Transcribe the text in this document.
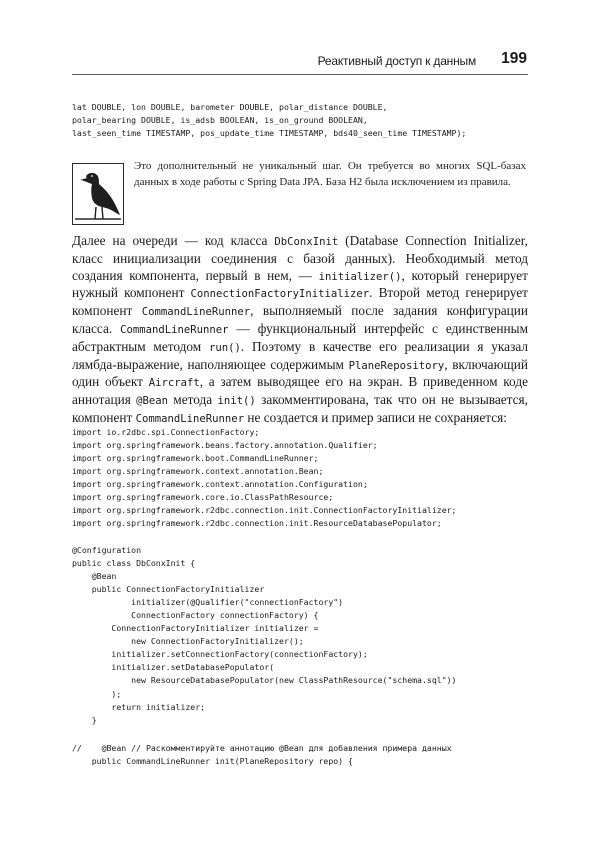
Реактивный доступ к данным 199
lat DOUBLE, lon DOUBLE, barometer DOUBLE, polar_distance DOUBLE,
polar_bearing DOUBLE, is_adsb BOOLEAN, is_on_ground BOOLEAN,
last_seen_time TIMESTAMP, pos_update_time TIMESTAMP, bds40_seen_time TIMESTAMP);
Это дополнительный не уникальный шаг. Он требуется во многих SQL-базах данных в ходе работы с Spring Data JPA. База H2 была исключением из правила.
Далее на очереди — код класса DbConxInit (Database Connection Initializer, класс инициализации соединения с базой данных). Необходимый метод создания компонента, первый в нем, — initializer(), который генерирует нужный компонент ConnectionFactoryInitializer. Второй метод генерирует компонент CommandLineRunner, выполняемый после задания конфигурации класса. CommandLineRunner — функциональный интерфейс с единственным абстрактным методом run(). Поэтому в качестве его реализации я указал лямбда-выражение, наполняющее содержимым PlaneRepository, включающий один объект Aircraft, а затем выводящее его на экран. В приведенном коде аннотация @Bean метода init() закомментирована, так что он не вызывается, компонент CommandLineRunner не создается и пример записи не сохраняется:
import io.r2dbc.spi.ConnectionFactory;
import org.springframework.beans.factory.annotation.Qualifier;
import org.springframework.boot.CommandLineRunner;
import org.springframework.context.annotation.Bean;
import org.springframework.context.annotation.Configuration;
import org.springframework.core.io.ClassPathResource;
import org.springframework.r2dbc.connection.init.ConnectionFactoryInitializer;
import org.springframework.r2dbc.connection.init.ResourceDatabasePopulator;
@Configuration
public class DbConxInit {
@Bean
public ConnectionFactoryInitializer
initializer(@Qualifier("connectionFactory")
ConnectionFactory connectionFactory) {
ConnectionFactoryInitializer initializer =
new ConnectionFactoryInitializer();
initializer.setConnectionFactory(connectionFactory);
initializer.setDatabasePopulator(
new ResourceDatabasePopulator(new ClassPathResource("schema.sql"))
);
return initializer;
}
//    @Bean // Раскомментируйте аннотацию @Bean для добавления примера данных
public CommandLineRunner init(PlaneRepository repo) {
